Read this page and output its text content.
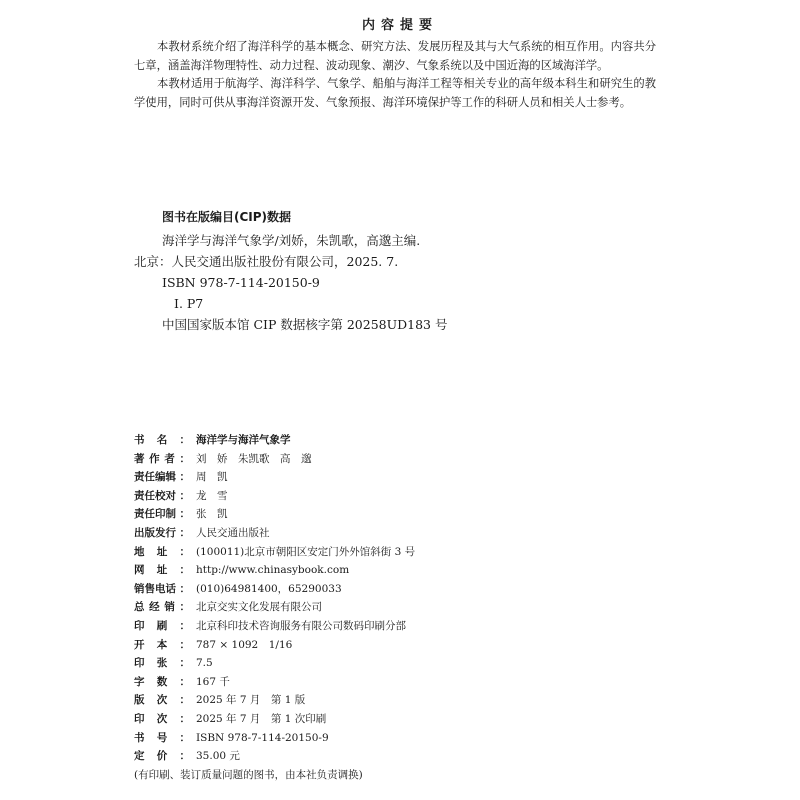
内容提要

本教材系统介绍了海洋科学的基本概念、研究方法、发展历程及其与大气系统的相互作用。内容共分七章，涵盖海洋物理特性、动力过程、波动现象、潮汐、气象系统以及中国近海的区域海洋学。

本教材适用于航海学、海洋科学、气象学、船舶与海洋工程等相关专业的高年级本科生和研究生的教学使用，同时可供从事海洋资源开发、气象预报、海洋环境保护等工作的科研人员和相关人士参考。

图书在版编目(CIP)数据
海洋学与海洋气象学/刘娇，朱凯歌，高邈主编.
北京：人民交通出版社股份有限公司，2025. 7.
ISBN 978-7-114-20150-9
Ⅰ. P7
中国国家版本馆 CIP 数据核字第 20258UD183 号
书 名 ： 海洋学与海洋气象学
著 作 者 ： 刘　娇　朱凯歌　高　邈
责任编辑 ： 周　凯
责任校对 ： 龙　雪
责任印制 ： 张　凯
出版发行 ： 人民交通出版社
地 址 ： (100011)北京市朝阳区安定门外外馆斜街 3 号
网 址 ： http://www.chinasybook.com
销售电话 ： (010)64981400，65290033
总 经 销 ： 北京交实文化发展有限公司
印 刷 ： 北京科印技术咨询服务有限公司数码印刷分部
开 本 ： 787 × 1092　1/16
印 张 ： 7.5
字 数 ： 167 千
版 次 ： 2025 年 7 月　第 1 版
印 次 ： 2025 年 7 月　第 1 次印刷
书 号 ： ISBN 978-7-114-20150-9
定 价 ： 35.00 元
(有印刷、装订质量问题的图书，由本社负责调换)
